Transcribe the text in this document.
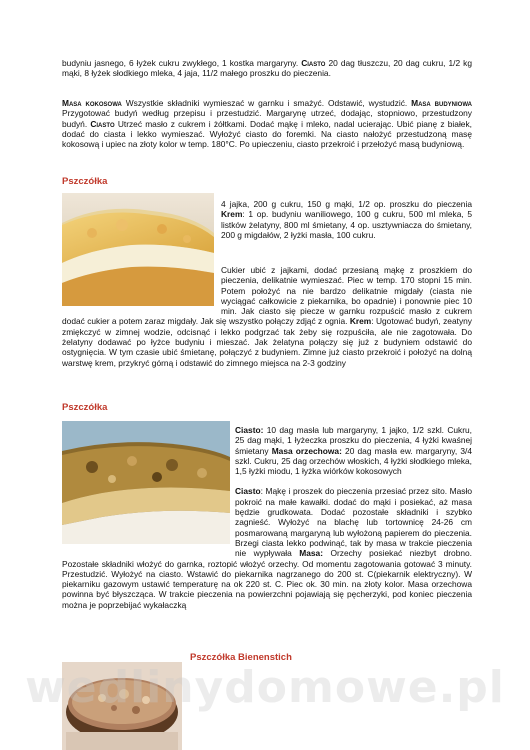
budyniu jasnego, 6 łyżek cukru zwykłego, 1 kostka margaryny. Ciasto 20 dag tłuszczu, 20 dag cukru, 1/2 kg mąki, 8 łyżek słodkiego mleka, 4 jaja, 11/2 małego proszku do pieczenia.

Masa kokosowa Wszystkie składniki wymieszać w garnku i smażyć. Odstawić, wystudzić. Masa budyniowa Przygotować budyń według przepisu i przestudzić. Margarynę utrzeć, dodając, stopniowo, przestudzony budyń. Ciasto Utrzeć masło z cukrem i żółtkami. Dodać mąkę i mleko, nadal ucierając. Ubić pianę z białek, dodać do ciasta i lekko wymieszać. Wyłożyć ciasto do foremki. Na ciasto nałożyć przestudzoną masę kokosową i upiec na złoty kolor w temp. 180°C. Po upieczeniu, ciasto przekroić i przełożyć masą budyniową.

Pszczółka

4 jajka, 200 g cukru, 150 g mąki, 1/2 op. proszku do pieczenia Krem: 1 op. budyniu waniliowego, 100 g cukru, 500 ml mleka, 5 listków żelatyny, 800 ml śmietany, 4 op. usztywniacza do śmietany, 200 g migdałów, 2 łyżki masła, 100 cukru.

Cukier ubić z jajkami, dodać przesianą mąkę z proszkiem do pieczenia, delikatnie wymieszać. Piec w temp. 170 stopni 15 min. Potem położyć na nie bardzo delikatnie migdały (ciasta nie wyciągać całkowicie z piekarnika, bo opadnie) i ponownie piec 10 min. Jak ciasto się piecze w garnku rozpuścić masło z cukrem dodać cukier a potem zaraz migdały. Jak się wszystko połączy zdjąć z ognia. Krem: Ugotować budyń, zeatyny zmiękczyć w zimnej wodzie, odcisnąć i lekko podgrzać tak żeby się rozpuściła, ale nie zagotowała. Do żelatyny dodawać po łyżce budyniu i mieszać. Jak żelatyna połączy się już z budyniem odstawić do ostygnięcia. W tym czasie ubić śmietanę, połączyć z budyniem. Zimne już ciasto przekroić i położyć na dolną warstwę krem, przykryć górną i odstawić do zimnego miejsca na 2-3 godziny

Pszczółka

Ciasto: 10 dag masła lub margaryny, 1 jajko, 1/2 szkl. Cukru, 25 dag mąki, 1 łyżeczka proszku do pieczenia, 4 łyżki kwaśnej śmietany Masa orzechowa: 20 dag masła ew. margaryny, 3/4 szkl. Cukru, 25 dag orzechów włoskich, 4 łyżki słodkiego mleka, 1,5 łyżki miodu, 1 łyżka wiórków kokosowych

Ciasto: Mąkę i proszek do pieczenia przesiać przez sito. Masło pokroić na małe kawałki. dodać do mąki i posiekać, aż masa będzie grudkowata. Dodać pozostałe składniki i szybko zagnieść. Wyłożyć na blachę lub tortownicę 24-26 cm posmarowaną margaryną lub wyłożoną papierem do pieczenia. Brzegi ciasta lekko podwinąć, tak by masa w trakcie pieczenia nie wypływała Masa: Orzechy posiekać niezbyt drobno. Pozostałe składniki włożyć do garnka, roztopić włożyć orzechy. Od momentu zagotowania gotować 3 minuty. Przestudzić. Wyłożyć na ciasto. Wstawić do piekarnika nagrzanego do 200 st. C(piekarnik elektryczny). W piekarniku gazowym ustawić temperaturę na ok 220 st. C. Piec ok. 30 min. na złoty kolor. Masa orzechowa powinna być błyszcząca. W trakcie pieczenia na powierzchni pojawiają się pęcherzyki, pod koniec pieczenia można je poprzebijać wykałaczką

Pszczółka Bienenstich

wedlinydomowe.pl
